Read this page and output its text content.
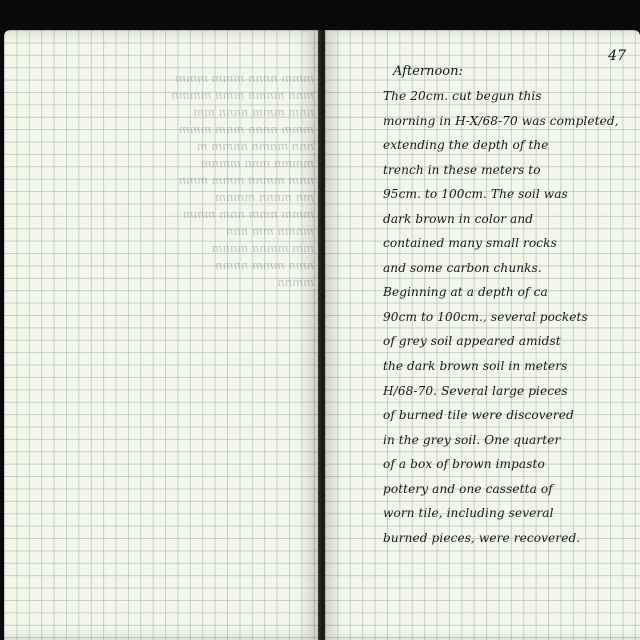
mmm nnnn mmm mmm
mnn mnmn mmn mmmn
nnm mmm nnnn mm
mmm nnnn mnm mmm
nnn mnmn nnmm m
mmmn mnn mmnm
nnm mmnn mmm mmn
mn mnnn mmnm
mmm nmm nnm mmm
mnmn mm nnn
mm mmnn mnnm
nmn mmm nnmn
mmnn
47
Afternoon:
The 20cm. cut begun this
morning in H-X/68-70 was completed,
extending the depth of the
trench in these meters to
95cm. to 100cm. The soil was
dark brown in color and
contained many small rocks
and some carbon chunks.
Beginning at a depth of ca
90cm to 100cm., several pockets
of grey soil appeared amidst
the dark brown soil in meters
H/68-70. Several large pieces
of burned tile were discovered
in the grey soil. One quarter
of a box of brown impasto
pottery and one cassetta of
worn tile, including several
burned pieces, were recovered.
